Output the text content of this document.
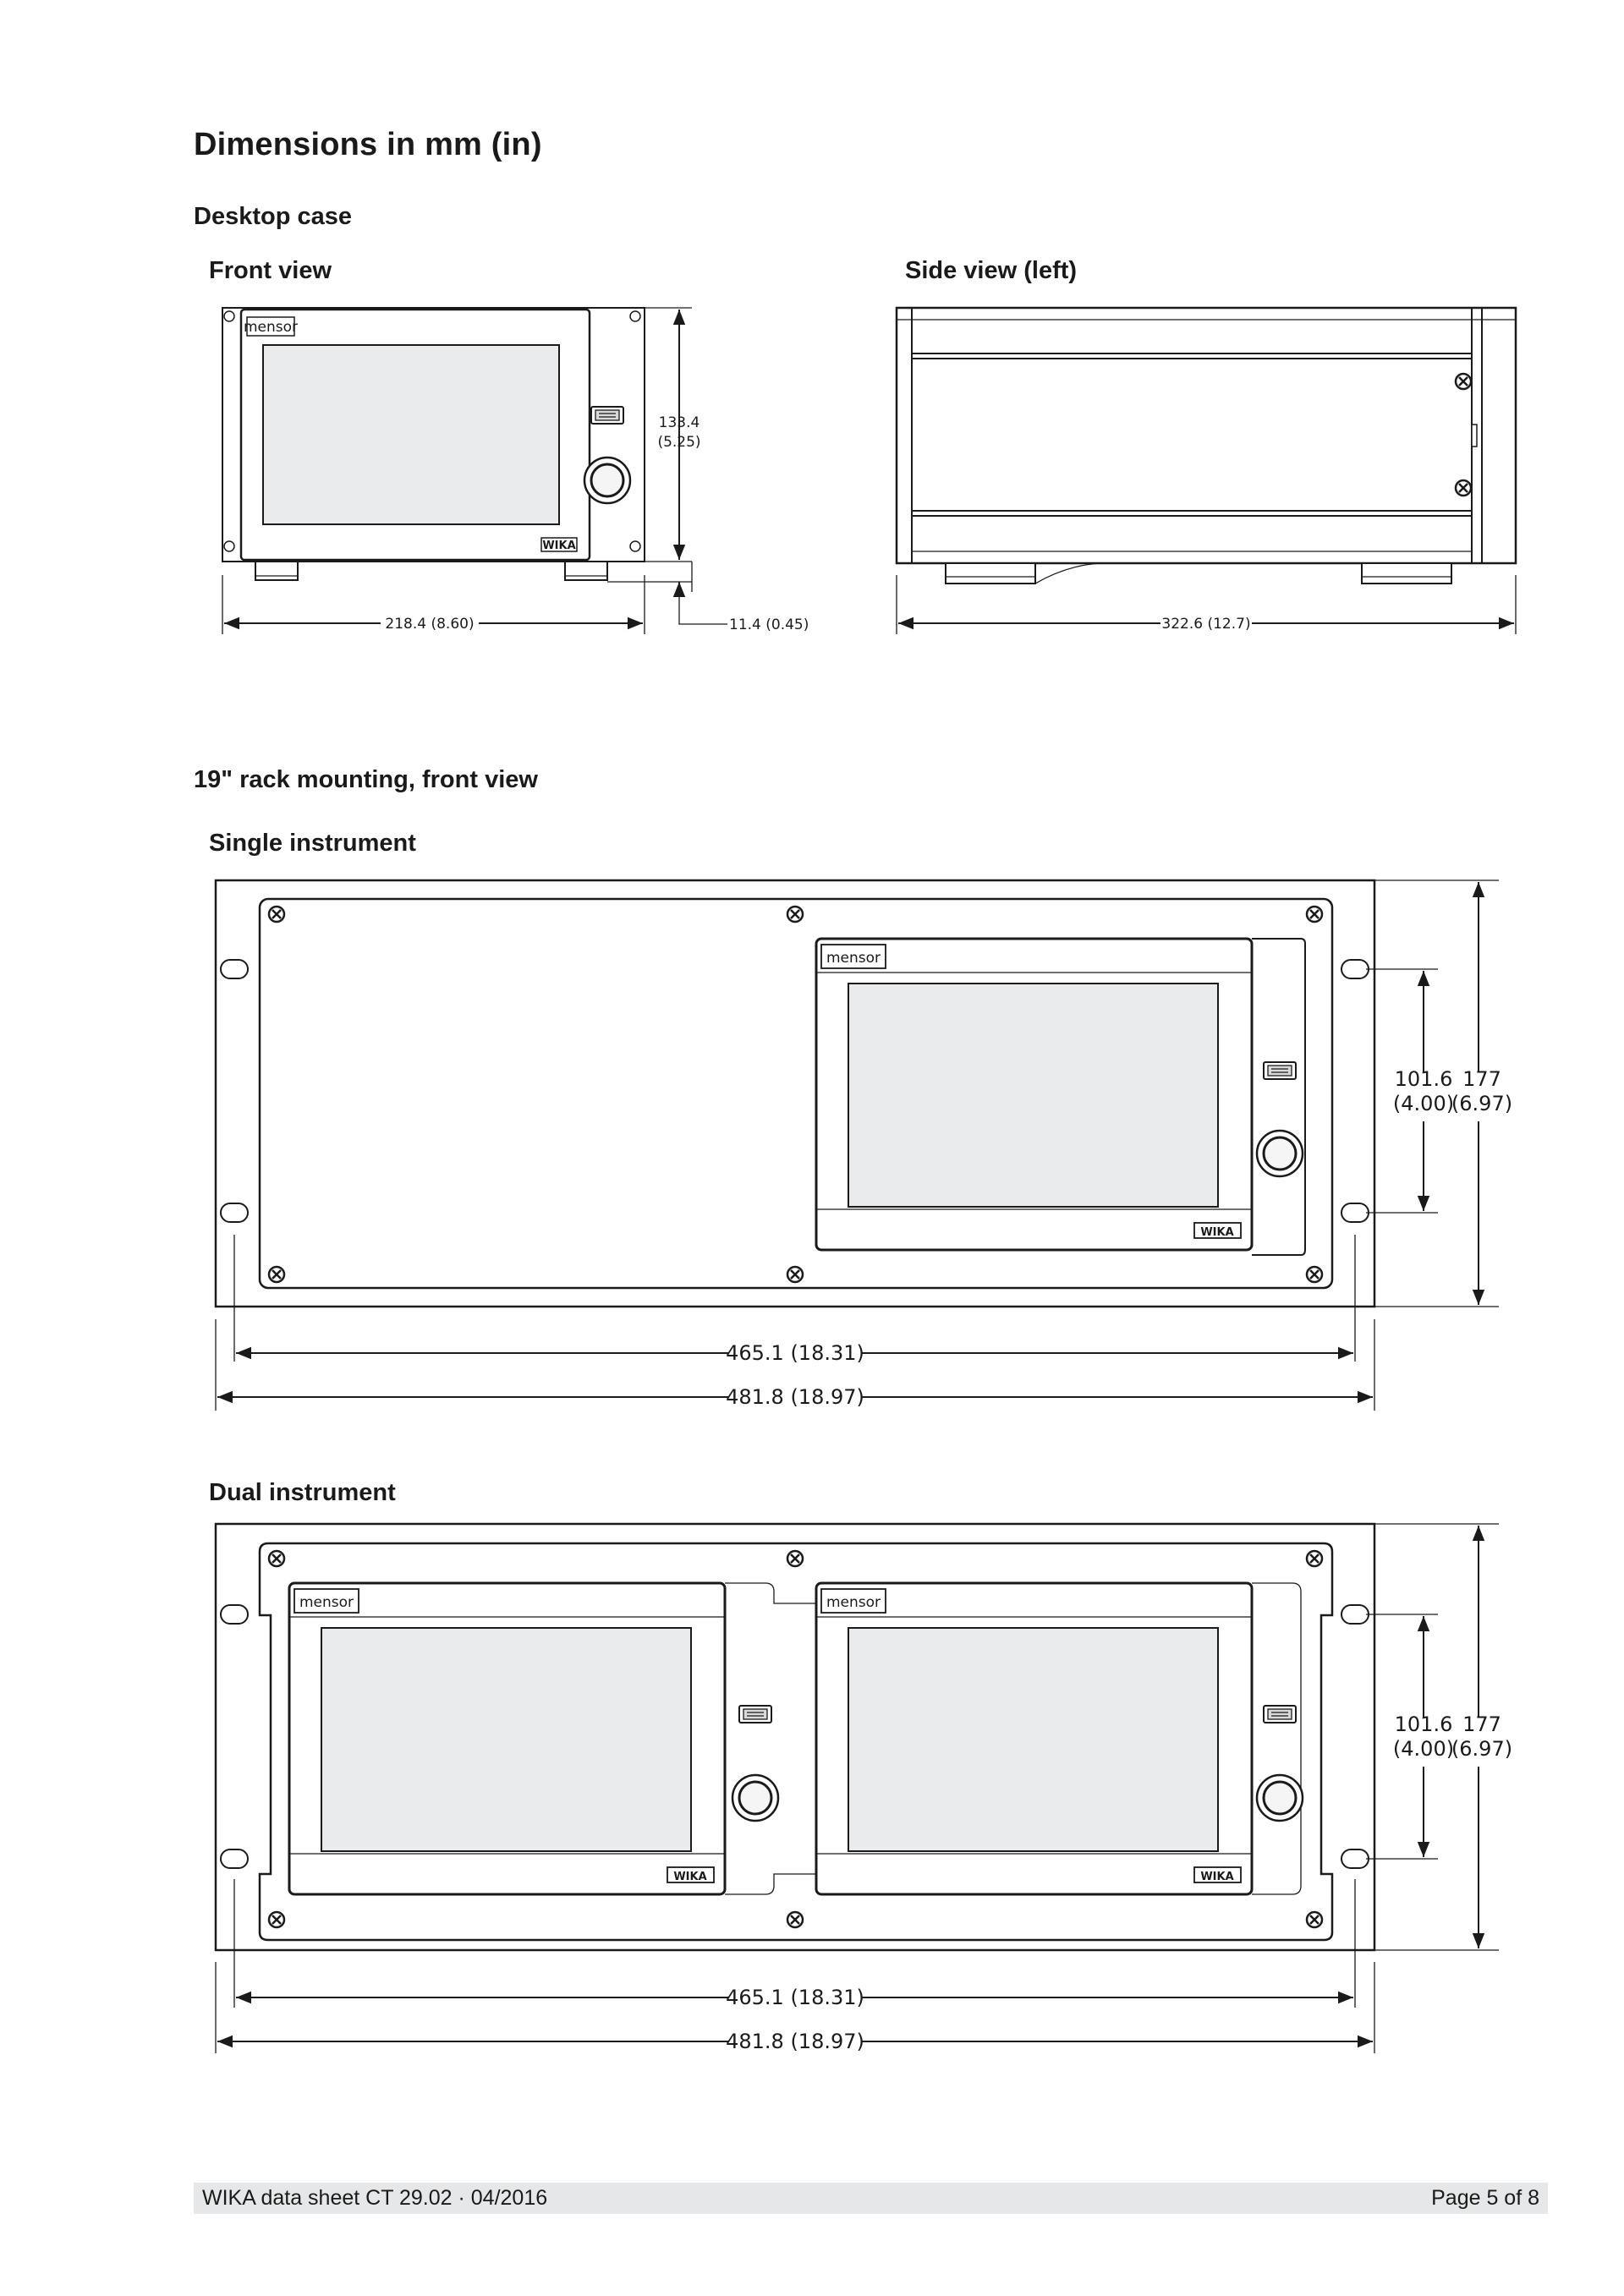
Dimensions in mm (in)
Desktop case
Front view	Side view (left)
mensor
WIKA
133.4
(5.25)
11.4 (0.45)
218.4 (8.60)	322.6 (12.7)
mensor
WIKA
101.6
(4.00)
177
(6.97)
465.1 (18.31)
481.8 (18.97)
mensor
WIKA
mensor
WIKA
101.6
(4.00)
177
(6.97)
465.1 (18.31)
481.8 (18.97)
19" rack mounting, front view
Single instrument
Dual instrument
WIKA data sheet CT 29.02 · 04/2016	Page 5 of 8
